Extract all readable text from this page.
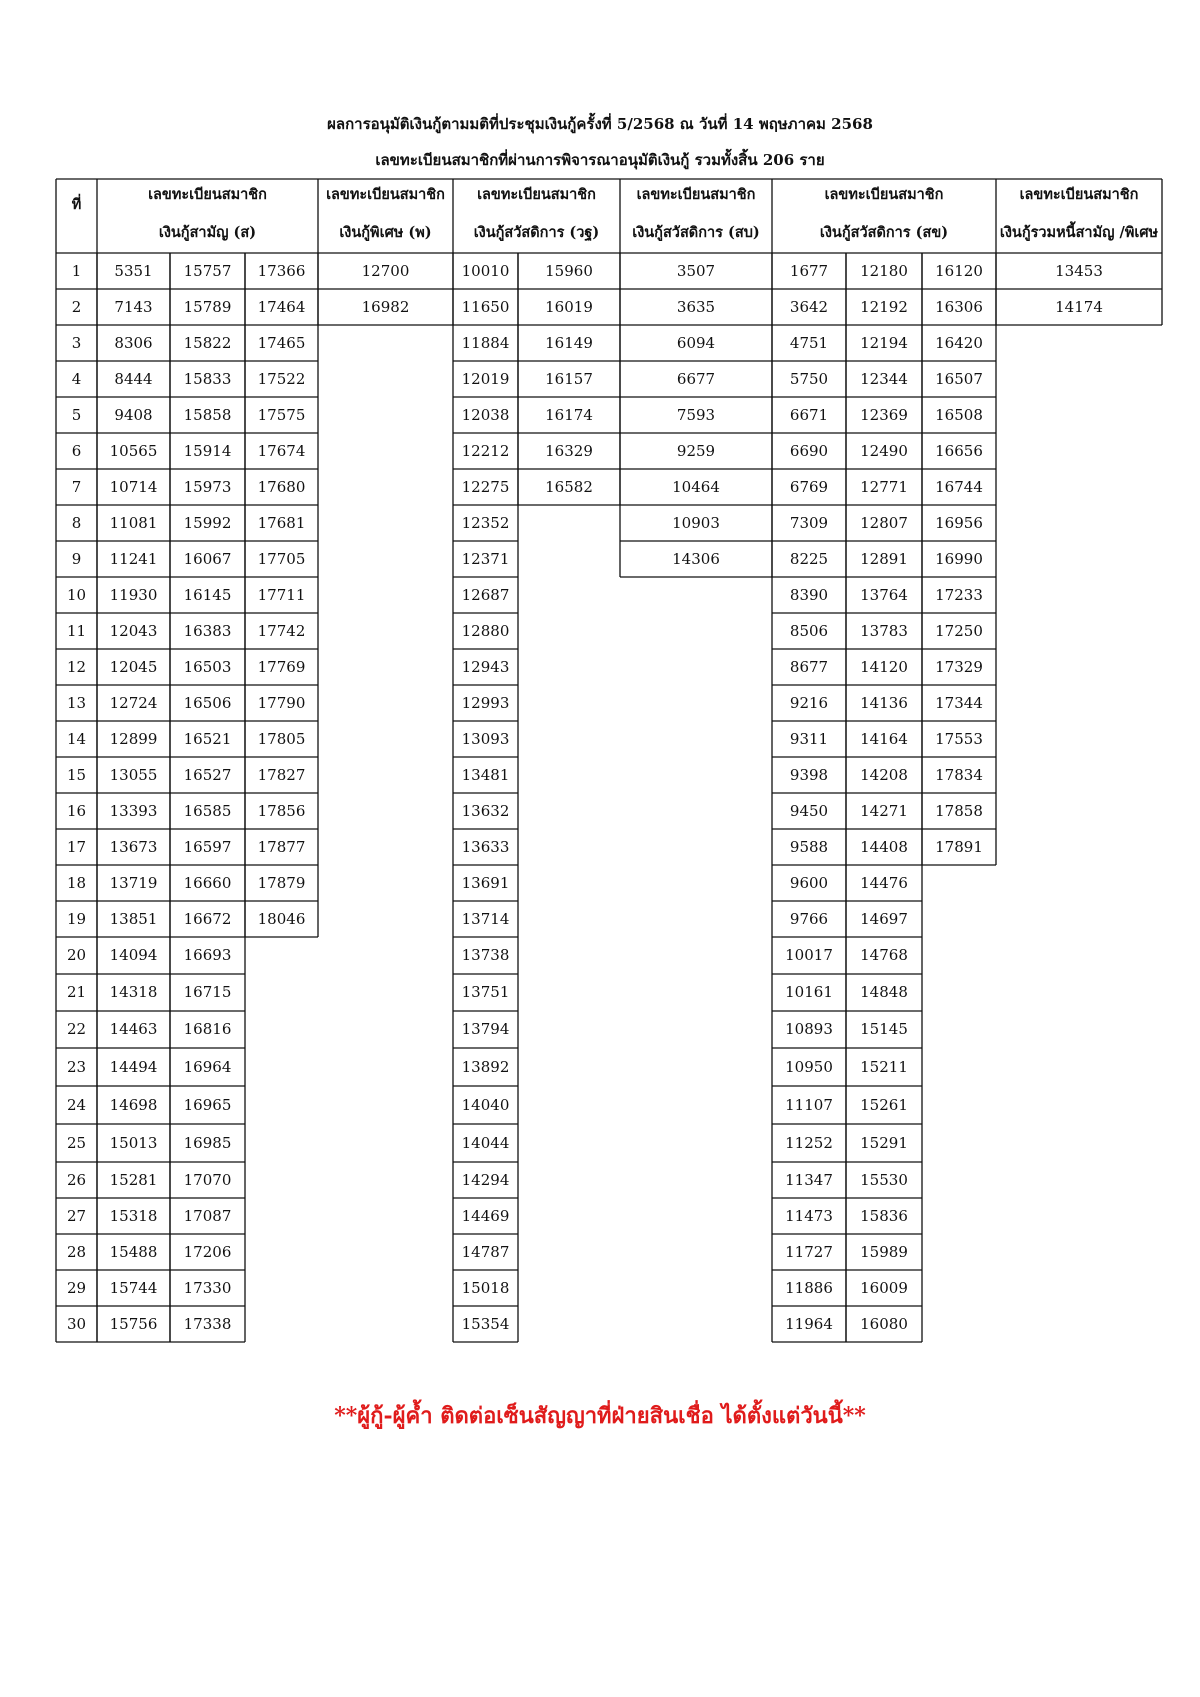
ผลการอนุมัติเงินกู้ตามมติที่ประชุมเงินกู้ครั้งที่ 5/2568 ณ วันที่ 14 พฤษภาคม 2568
เลขทะเบียนสมาชิกที่ผ่านการพิจารณาอนุมัติเงินกู้ รวมทั้งสิ้น 206 ราย
ที่
เลขทะเบียนสมาชิก
เงินกู้สามัญ (ส)
เลขทะเบียนสมาชิก
เงินกู้พิเศษ (พ)
เลขทะเบียนสมาชิก
เงินกู้สวัสดิการ (วฐ)
เลขทะเบียนสมาชิก
เงินกู้สวัสดิการ (สบ)
เลขทะเบียนสมาชิก
เงินกู้สวัสดิการ (สข)
เลขทะเบียนสมาชิก
เงินกู้รวมหนี้สามัญ /พิเศษ
1
2
3
4
5
6
7
8
9
10
11
12
13
14
15
16
17
18
19
20
21
22
23
24
25
26
27
28
29
30
5351
7143
8306
8444
9408
10565
10714
11081
11241
11930
12043
12045
12724
12899
13055
13393
13673
13719
13851
14094
14318
14463
14494
14698
15013
15281
15318
15488
15744
15756
15757
15789
15822
15833
15858
15914
15973
15992
16067
16145
16383
16503
16506
16521
16527
16585
16597
16660
16672
16693
16715
16816
16964
16965
16985
17070
17087
17206
17330
17338
17366
17464
17465
17522
17575
17674
17680
17681
17705
17711
17742
17769
17790
17805
17827
17856
17877
17879
18046
12700
16982
10010
11650
11884
12019
12038
12212
12275
12352
12371
12687
12880
12943
12993
13093
13481
13632
13633
13691
13714
13738
13751
13794
13892
14040
14044
14294
14469
14787
15018
15354
15960
16019
16149
16157
16174
16329
16582
3507
3635
6094
6677
7593
9259
10464
10903
14306
1677
3642
4751
5750
6671
6690
6769
7309
8225
8390
8506
8677
9216
9311
9398
9450
9588
9600
9766
10017
10161
10893
10950
11107
11252
11347
11473
11727
11886
11964
12180
12192
12194
12344
12369
12490
12771
12807
12891
13764
13783
14120
14136
14164
14208
14271
14408
14476
14697
14768
14848
15145
15211
15261
15291
15530
15836
15989
16009
16080
16120
16306
16420
16507
16508
16656
16744
16956
16990
17233
17250
17329
17344
17553
17834
17858
17891
13453
14174
**ผู้กู้-ผู้ค้ำ ติดต่อเซ็นสัญญาที่ฝ่ายสินเชื่อ ได้ตั้งแต่วันนี้**
